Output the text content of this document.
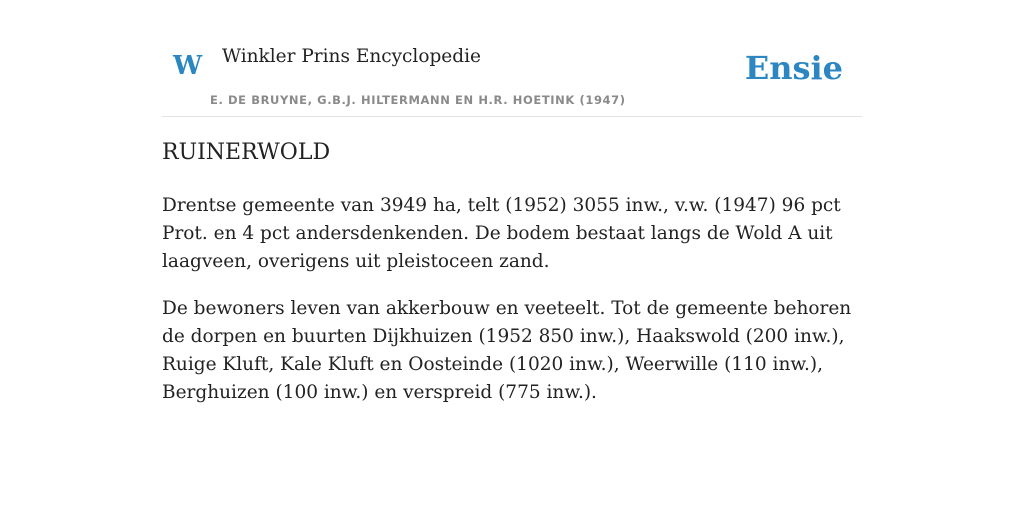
W Winkler Prins Encyclopedie
E. DE BRUYNE, G.B.J. HILTERMANN EN H.R. HOETINK (1947)
Ensie
RUINERWOLD

Drentse gemeente van 3949 ha, telt (1952) 3055 inw., v.w. (1947) 96 pct Prot. en 4 pct andersdenkenden. De bodem bestaat langs de Wold A uit laagveen, overigens uit pleistoceen zand.

De bewoners leven van akkerbouw en veeteelt. Tot de gemeente behoren de dorpen en buurten Dijkhuizen (1952 850 inw.), Haakswold (200 inw.), Ruige Kluft, Kale Kluft en Oosteinde (1020 inw.), Weerwille (110 inw.), Berghuizen (100 inw.) en verspreid (775 inw.).
